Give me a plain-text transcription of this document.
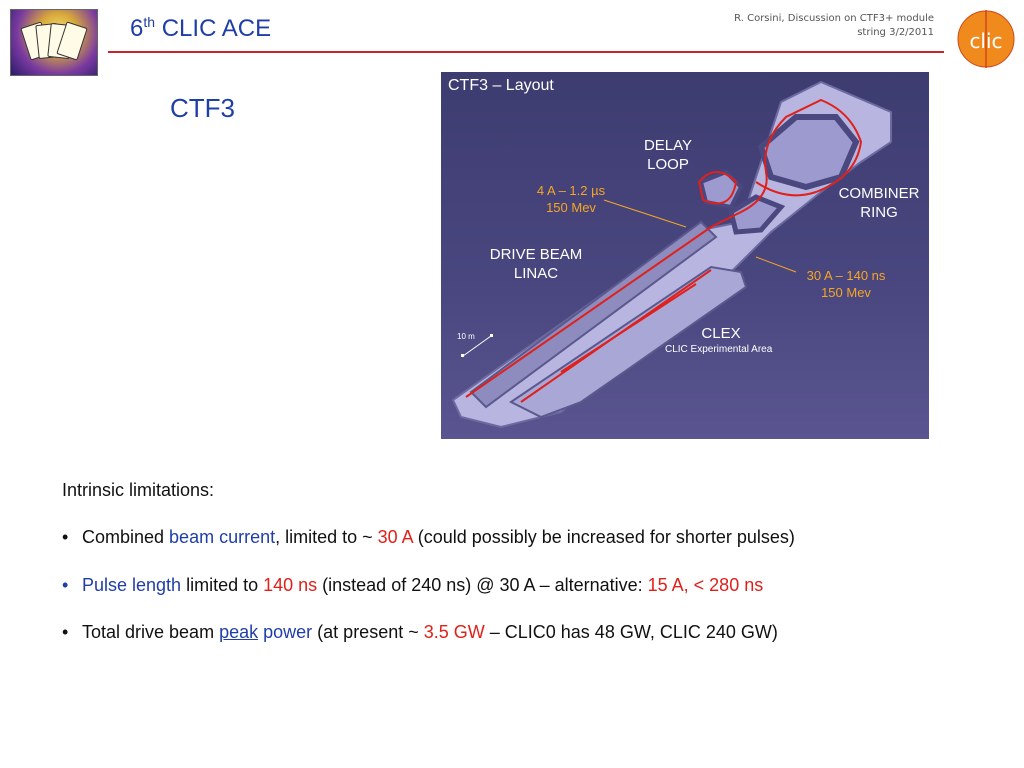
6th CLIC ACE	R. Corsini, Discussion on CTF3+ module
string 3/2/2011 clic
CTF3
CTF3 – Layout
DELAY
LOOP
COMBINER
RING
DRIVE BEAM
LINAC
4 A – 1.2 µs
150 Mev
30 A – 140 ns
150 Mev
CLEX
CLIC Experimental Area
10 m
Intrinsic limitations:
• Combined beam current, limited to ~ 30 A (could possibly be increased for shorter pulses)
• Pulse length limited to 140 ns (instead of 240 ns) @ 30 A – alternative: 15 A, < 280 ns
• Total drive beam peak power (at present ~ 3.5 GW – CLIC0 has 48 GW, CLIC 240 GW)
